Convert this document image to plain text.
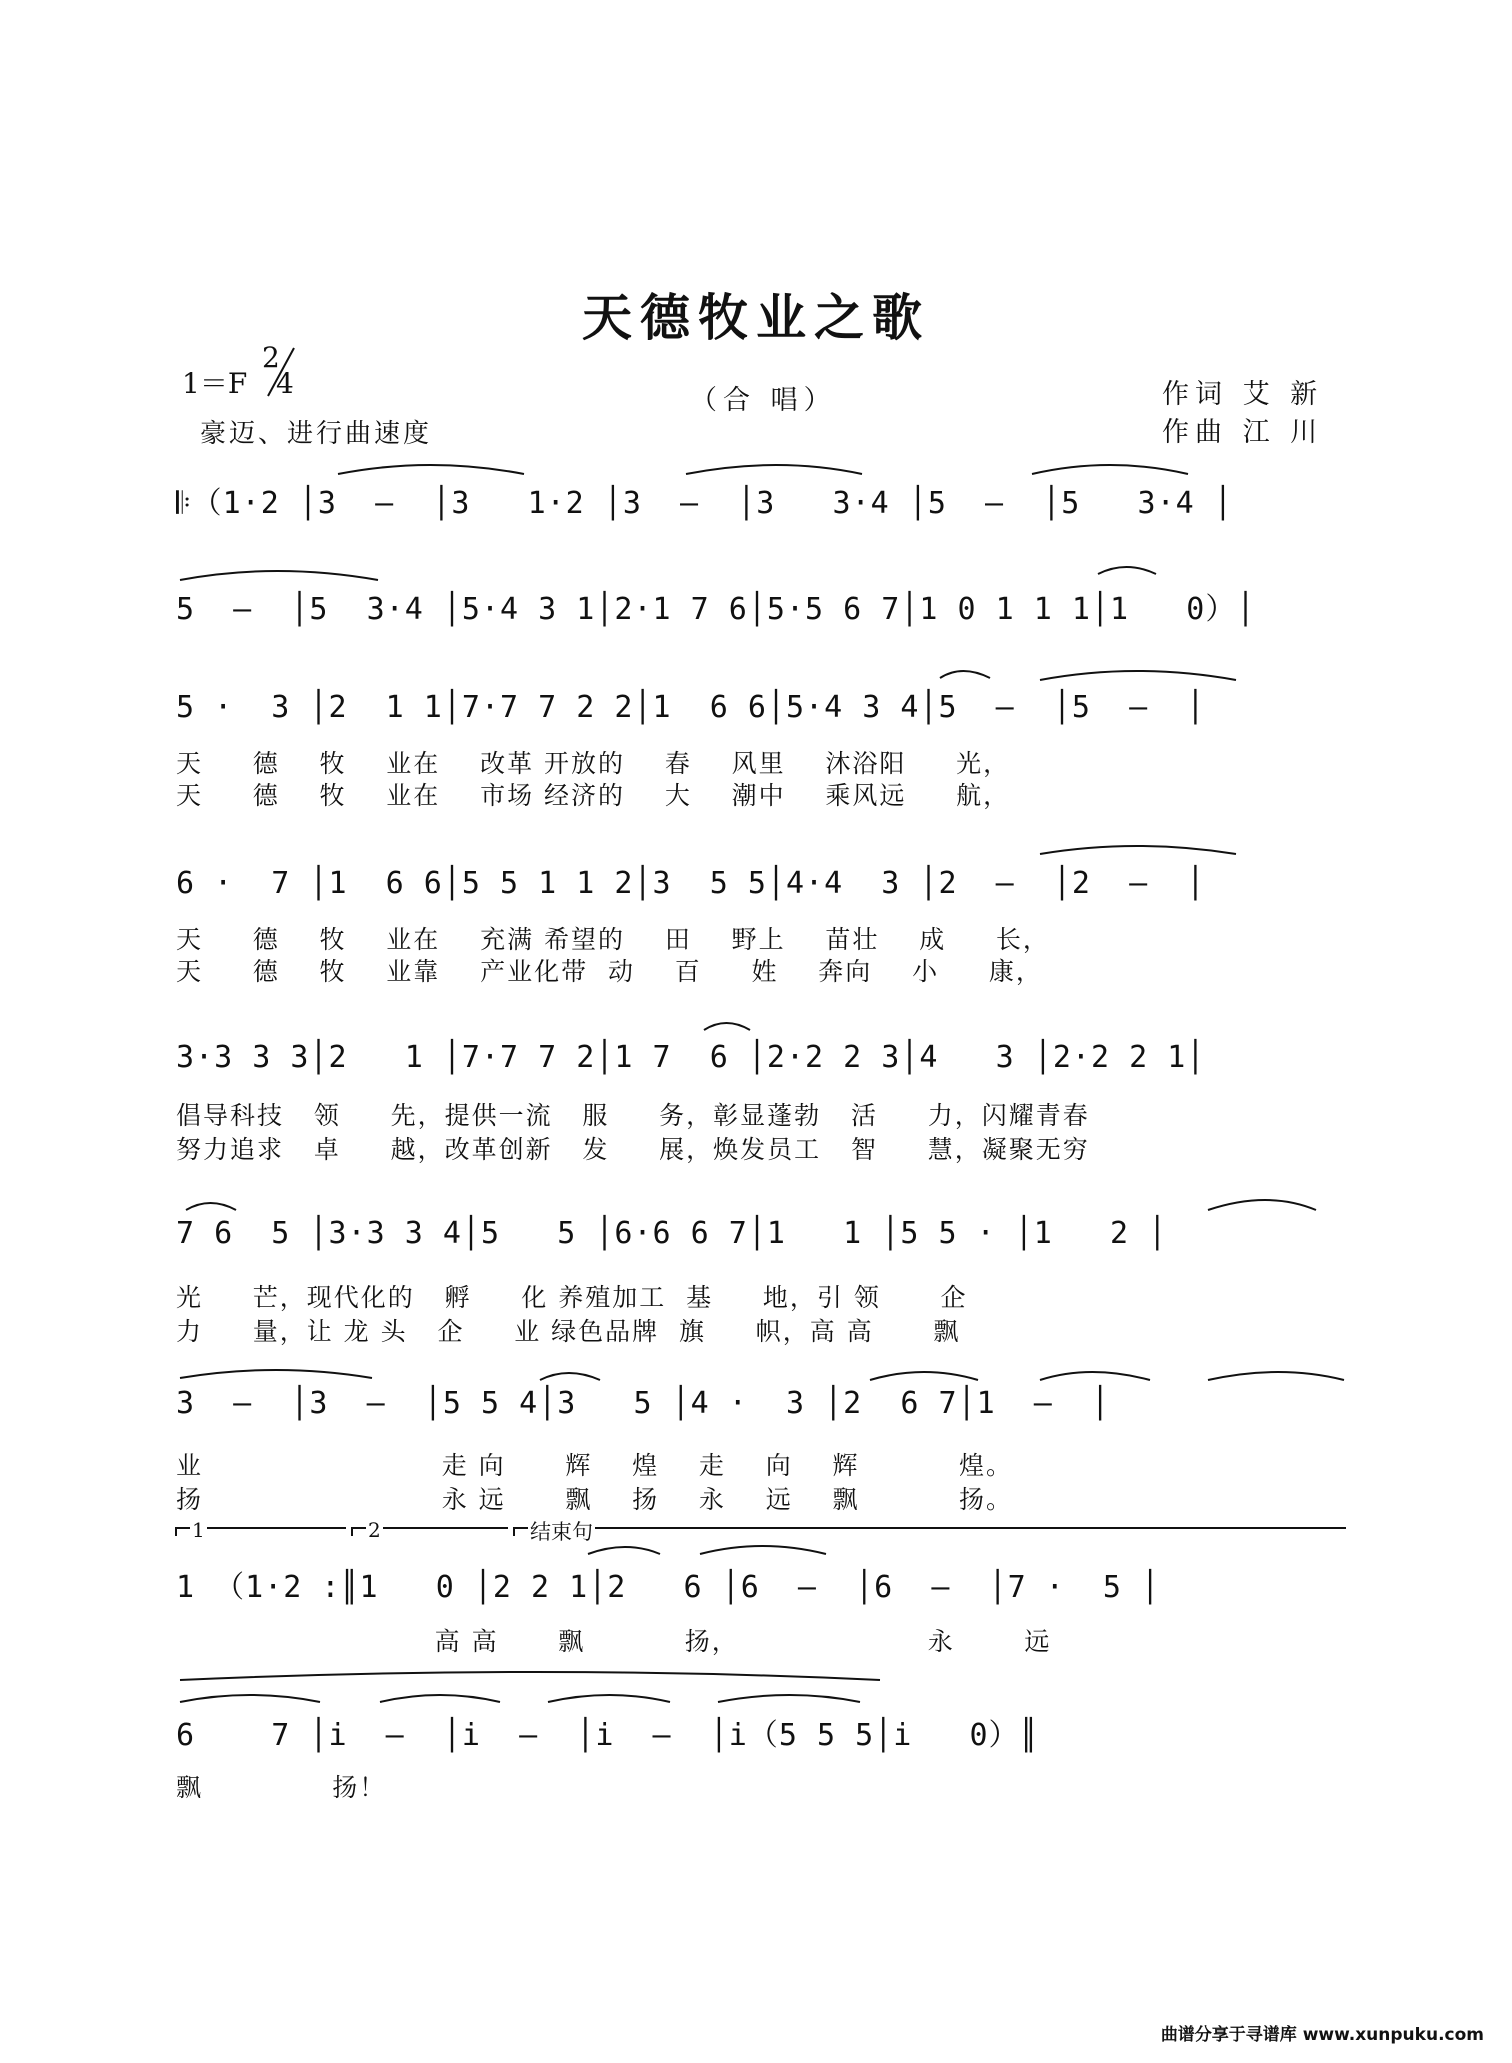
天德牧业之歌
1＝F
2
4
豪迈、进行曲速度
（合 唱）	作词 艾 新
作曲 江 川
𝄆（1·2 │3  —  │3   1·2 │3  —  │3   3·4 │5  —  │5   3·4 │
5  —  │5  3·4 │5·4 3 1│2·1 7 6│5·5 6 7│1 0 1 1 1│1   0）│
5 ·  3 │2  1 1│7·7 7 2 2│1  6 6│5·4 3 4│5  —  │5  —  │
天     德    牧    业在    改革 开放的    春    风里    沐浴阳     光，
天     德    牧    业在    市场 经济的    大    潮中    乘风远     航，
6 ·  7 │1  6 6│5 5 1 1 2│3  5 5│4·4  3 │2  —  │2  —  │
天     德    牧    业在    充满 希望的    田    野上    苗壮    成     长，
天     德    牧    业靠    产业化带  动    百     姓    奔向    小     康，
3·3 3 3│2   1 │7·7 7 2│1 7  6 │2·2 2 3│4   3 │2·2 2 1│
倡导科技   领     先，提供一流   服     务，彰显蓬勃   活     力，闪耀青春
努力追求   卓     越，改革创新   发     展，焕发员工   智     慧，凝聚无穷
7 6  5 │3·3 3 4│5   5 │6·6 6 7│1   1 │5 5 · │1   2 │
光     芒，现代化的   孵     化 养殖加工  基     地，引 领      企
力     量，让 龙 头   企     业 绿色品牌  旗     帜，高 高      飘
3  —  │3  —  │5 5 4│3   5 │4 ·  3 │2  6 7│1  —  │
业                        走 向      辉    煌    走    向    辉          煌。
扬                        永 远      飘    扬    永    远    飘          扬。
1	2	结束句
1 （1·2 :║1   0 │2 2 1│2   6 │6  —  │6  —  │7 ·  5 │
高 高      飘          扬，                   永       远
6    7 │i  —  │i  —  │i  —  │i（5 5 5│i   0）║
飘             扬！
曲谱分享于寻谱库 www.xunpuku.com
